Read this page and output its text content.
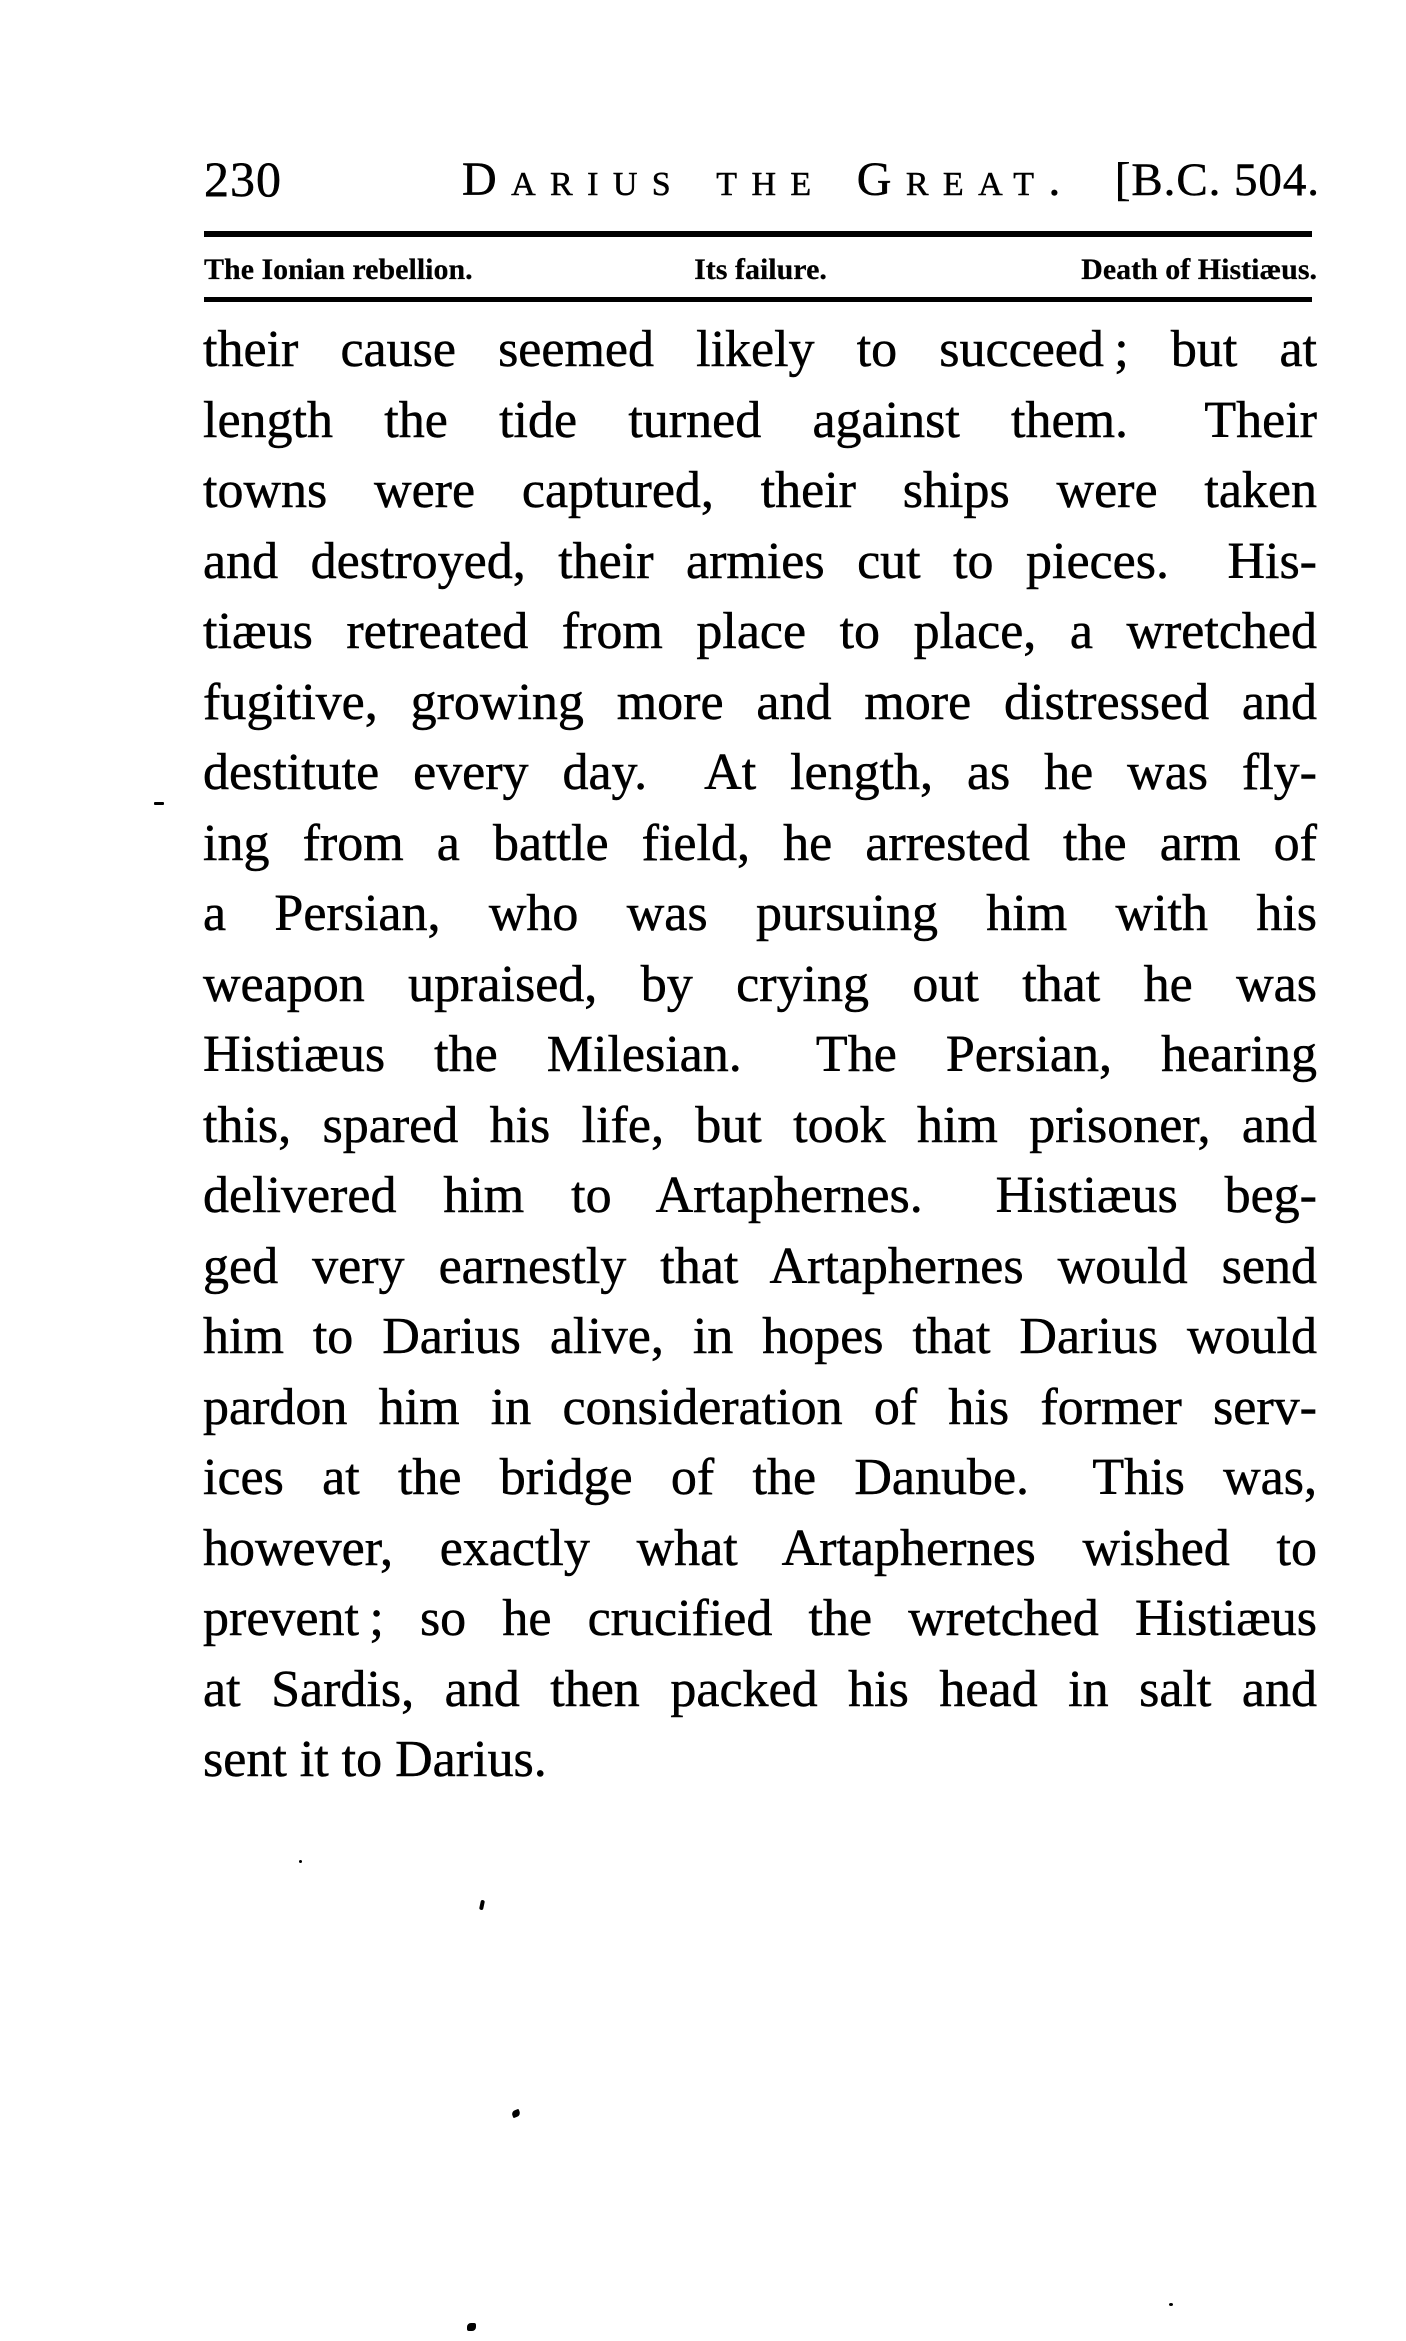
230	Darius the Great. [B.C. 504.
The Ionian rebellion.	Its failure.	Death of Histiæus.
their cause seemed likely to succeed ; but at
length the tide turned against them.  Their
towns were captured, their ships were taken
and destroyed, their armies cut to pieces.  His-
tiæus retreated from place to place, a wretched
fugitive, growing more and more distressed and
destitute every day.  At length, as he was fly-
ing from a battle field, he arrested the arm of
a Persian, who was pursuing him with his
weapon upraised, by crying out that he was
Histiæus the Milesian.  The Persian, hearing
this, spared his life, but took him prisoner, and
delivered him to Artaphernes.  Histiæus beg-
ged very earnestly that Artaphernes would send
him to Darius alive, in hopes that Darius would
pardon him in consideration of his former serv-
ices at the bridge of the Danube.  This was,
however, exactly what Artaphernes wished to
prevent ; so he crucified the wretched Histiæus
at Sardis, and then packed his head in salt and
sent it to Darius.
